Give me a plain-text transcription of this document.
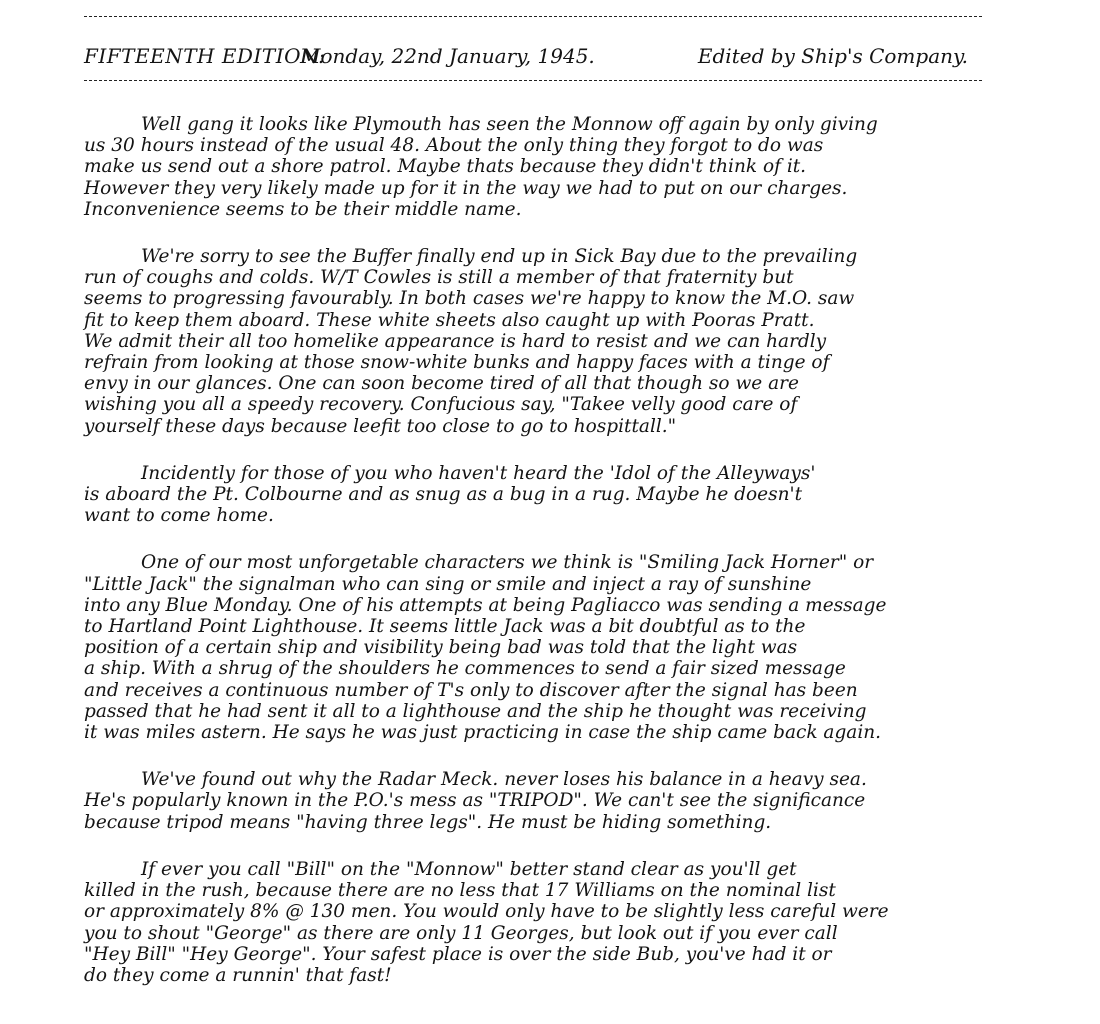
FIFTEENTH EDITION:
Monday, 22nd January, 1945.	Edited by Ship's Company.
Well gang it looks like Plymouth has seen the Monnow off again by only giving
us 30 hours instead of the usual 48. About the only thing they forgot to do was
make us send out a shore patrol. Maybe thats because they didn't think of it.
However they very likely made up for it in the way we had to put on our charges.
Inconvenience seems to be their middle name.
We're sorry to see the Buffer finally end up in Sick Bay due to the prevailing
run of coughs and colds. W/T Cowles is still a member of that fraternity but
seems to progressing favourably. In both cases we're happy to know the M.O. saw
fit to keep them aboard. These white sheets also caught up with Pooras Pratt.
We admit their all too homelike appearance is hard to resist and we can hardly
refrain from looking at those snow-white bunks and happy faces with a tinge of
envy in our glances. One can soon become tired of all that though so we are
wishing you all a speedy recovery. Confucious say, "Takee velly good care of
yourself these days because leefit too close to go to hospittall."
Incidently for those of you who haven't heard the 'Idol of the Alleyways'
is aboard the Pt. Colbourne and as snug as a bug in a rug. Maybe he doesn't
want to come home.
One of our most unforgetable characters we think is "Smiling Jack Horner" or
"Little Jack" the signalman who can sing or smile and inject a ray of sunshine
into any Blue Monday. One of his attempts at being Pagliacco was sending a message
to Hartland Point Lighthouse. It seems little Jack was a bit doubtful as to the
position of a certain ship and visibility being bad was told that the light was
a ship. With a shrug of the shoulders he commences to send a fair sized message
and receives a continuous number of T's only to discover after the signal has been
passed that he had sent it all to a lighthouse and the ship he thought was receiving
it was miles astern. He says he was just practicing in case the ship came back again.
We've found out why the Radar Meck. never loses his balance in a heavy sea.
He's popularly known in the P.O.'s mess as "TRIPOD". We can't see the significance
because tripod means "having three legs". He must be hiding something.
If ever you call "Bill" on the "Monnow" better stand clear as you'll get
killed in the rush, because there are no less that 17 Williams on the nominal list
or approximately 8% @ 130 men. You would only have to be slightly less careful were
you to shout "George" as there are only 11 Georges, but look out if you ever call
"Hey Bill" "Hey George". Your safest place is over the side Bub, you've had it or
do they come a runnin' that fast!
